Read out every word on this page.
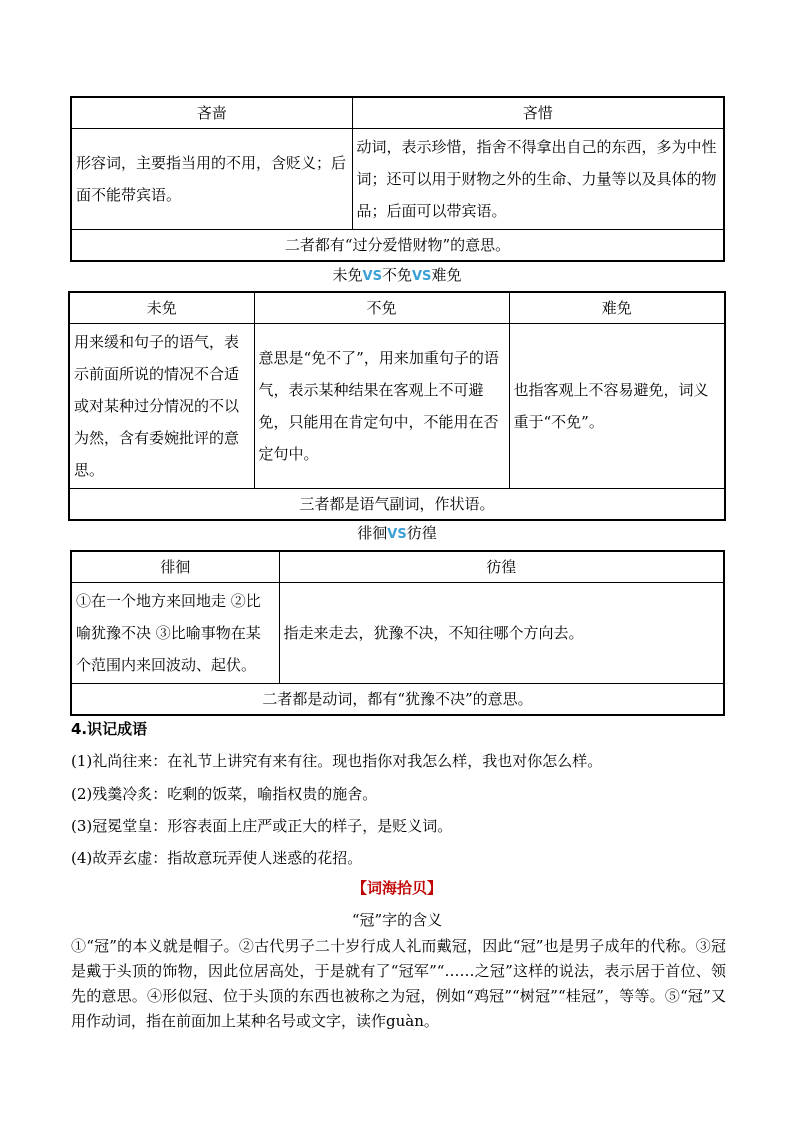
吝啬	吝惜
形容词，主要指当用的不用，含贬义；后面不能带宾语。	动词，表示珍惜，指舍不得拿出自己的东西，多为中性词；还可以用于财物之外的生命、力量等以及具体的物品；后面可以带宾语。
二者都有“过分爱惜财物”的意思。	
未免VS不免VS难免
未免	不免	难免
用来缓和句子的语气，表示前面所说的情况不合适或对某种过分情况的不以为然，含有委婉批评的意思。	意思是“免不了”，用来加重句子的语气，表示某种结果在客观上不可避免，只能用在肯定句中，不能用在否定句中。	也指客观上不容易避免，词义重于“不免”。
三者都是语气副词，作状语。		
徘徊VS彷徨
徘徊	彷徨
①在一个地方来回地走 ②比喻犹豫不决 ③比喻事物在某个范围内来回波动、起伏。	指走来走去，犹豫不决，不知往哪个方向去。
二者都是动词，都有“犹豫不决”的意思。	
4.识记成语
(1)礼尚往来：在礼节上讲究有来有往。现也指你对我怎么样，我也对你怎么样。
(2)残羹冷炙：吃剩的饭菜，喻指权贵的施舍。
(3)冠冕堂皇：形容表面上庄严或正大的样子，是贬义词。
(4)故弄玄虚：指故意玩弄使人迷惑的花招。
【词海拾贝】
“冠”字的含义
①“冠”的本义就是帽子。②古代男子二十岁行成人礼而戴冠，因此“冠”也是男子成年的代称。③冠是戴于头顶的饰物，因此位居高处，于是就有了“冠军”“……之冠”这样的说法，表示居于首位、领先的意思。④形似冠、位于头顶的东西也被称之为冠，例如“鸡冠”“树冠”“桂冠”，等等。⑤“冠”又用作动词，指在前面加上某种名号或文字，读作guàn。
